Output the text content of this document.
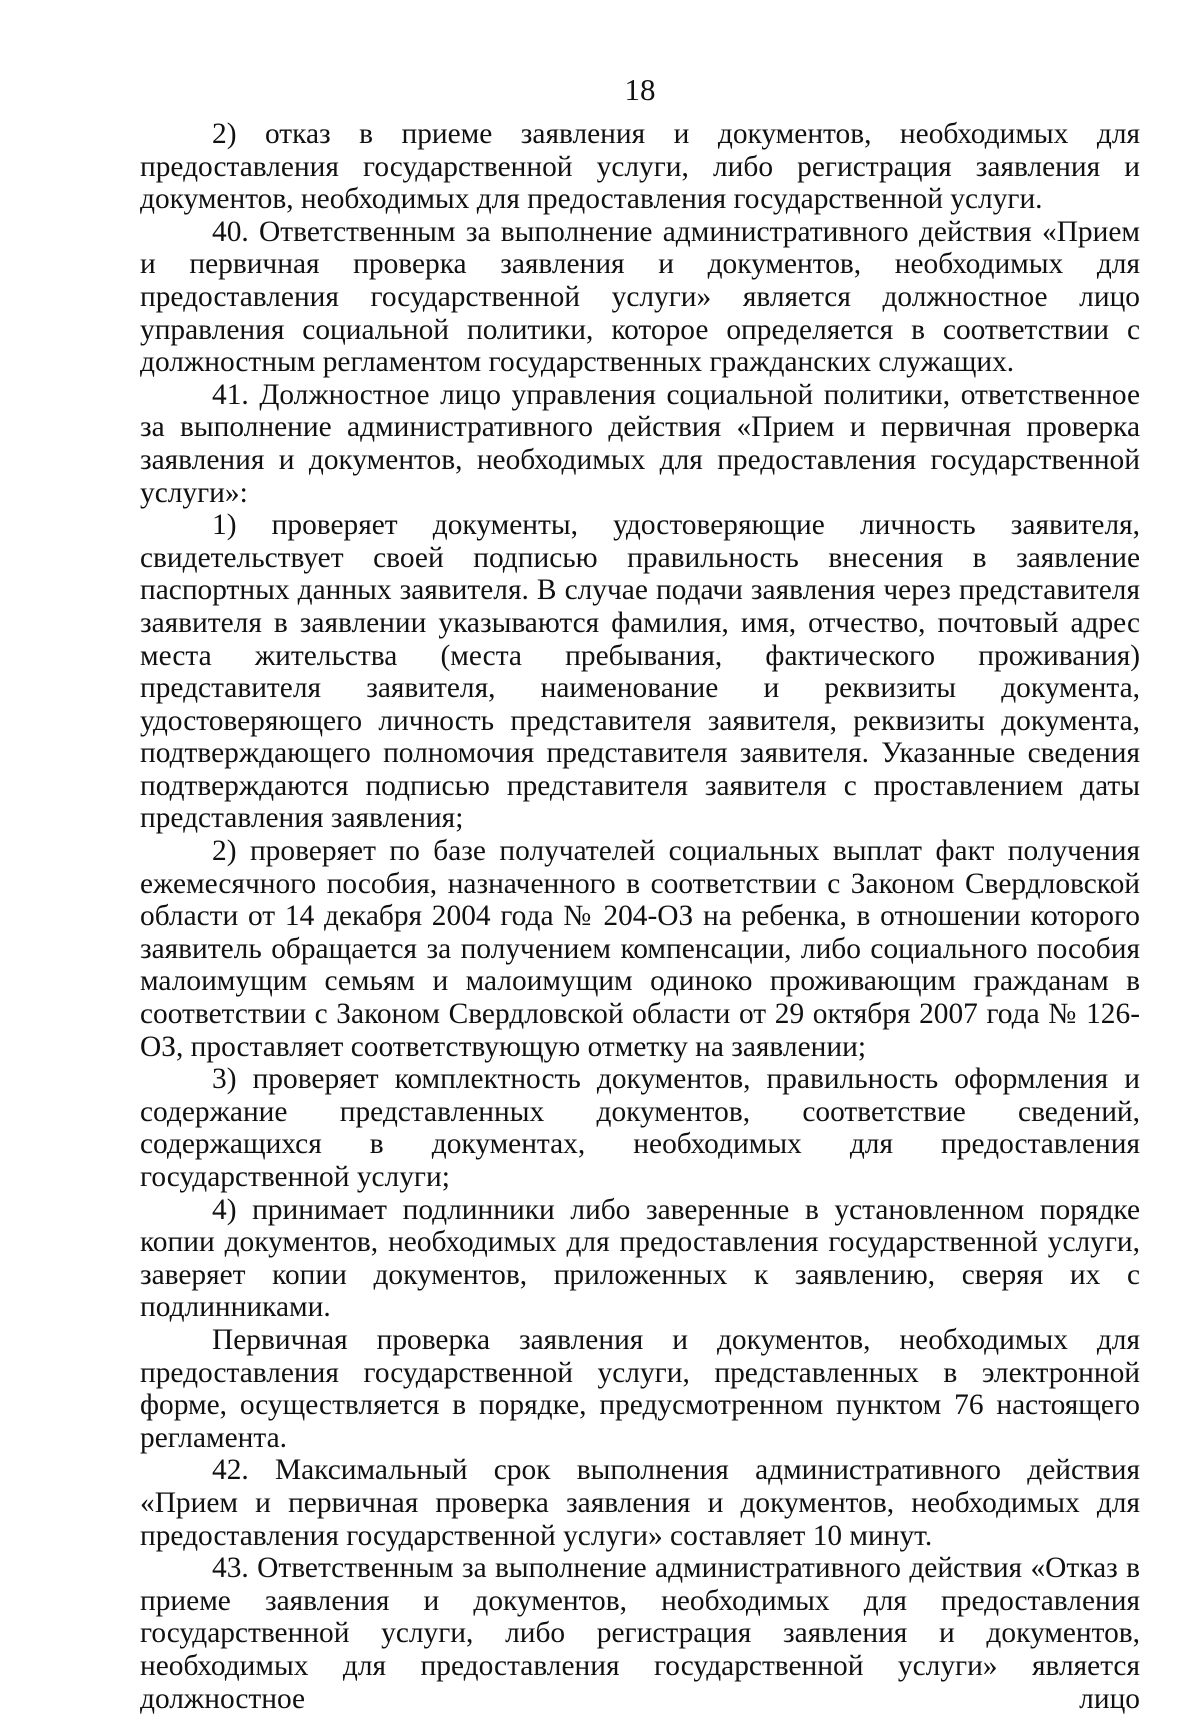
18

2) отказ в приеме заявления и документов, необходимых для предоставления государственной услуги, либо регистрация заявления и документов, необходимых для предоставления государственной услуги.

40. Ответственным за выполнение административного действия «Прием и первичная проверка заявления и документов, необходимых для предоставления государственной услуги» является должностное лицо управления социальной политики, которое определяется в соответствии с должностным регламентом государственных гражданских служащих.

41. Должностное лицо управления социальной политики, ответственное за выполнение административного действия «Прием и первичная проверка заявления и документов, необходимых для предоставления государственной услуги»:

1) проверяет документы, удостоверяющие личность заявителя, свидетельствует своей подписью правильность внесения в заявление паспортных данных заявителя. В случае подачи заявления через представителя заявителя в заявлении указываются фамилия, имя, отчество, почтовый адрес места жительства (места пребывания, фактического проживания) представителя заявителя, наименование и реквизиты документа, удостоверяющего личность представителя заявителя, реквизиты документа, подтверждающего полномочия представителя заявителя. Указанные сведения подтверждаются подписью представителя заявителя с проставлением даты представления заявления;

2) проверяет по базе получателей социальных выплат факт получения ежемесячного пособия, назначенного в соответствии с Законом Свердловской области от 14 декабря 2004 года № 204-ОЗ на ребенка, в отношении которого заявитель обращается за получением компенсации, либо социального пособия малоимущим семьям и малоимущим одиноко проживающим гражданам в соответствии с Законом Свердловской области от 29 октября 2007 года № 126-ОЗ, проставляет соответствующую отметку на заявлении;

3) проверяет комплектность документов, правильность оформления и содержание представленных документов, соответствие сведений, содержащихся в документах, необходимых для предоставления государственной услуги;

4) принимает подлинники либо заверенные в установленном порядке копии документов, необходимых для предоставления государственной услуги, заверяет копии документов, приложенных к заявлению, сверяя их с подлинниками.

Первичная проверка заявления и документов, необходимых для предоставления государственной услуги, представленных в электронной форме, осуществляется в порядке, предусмотренном пунктом 76 настоящего регламента.

42. Максимальный срок выполнения административного действия «Прием и первичная проверка заявления и документов, необходимых для предоставления государственной услуги» составляет 10 минут.

43. Ответственным за выполнение административного действия «Отказ в приеме заявления и документов, необходимых для предоставления государственной услуги, либо регистрация заявления и документов, необходимых для предоставления государственной услуги» является должностное лицо
